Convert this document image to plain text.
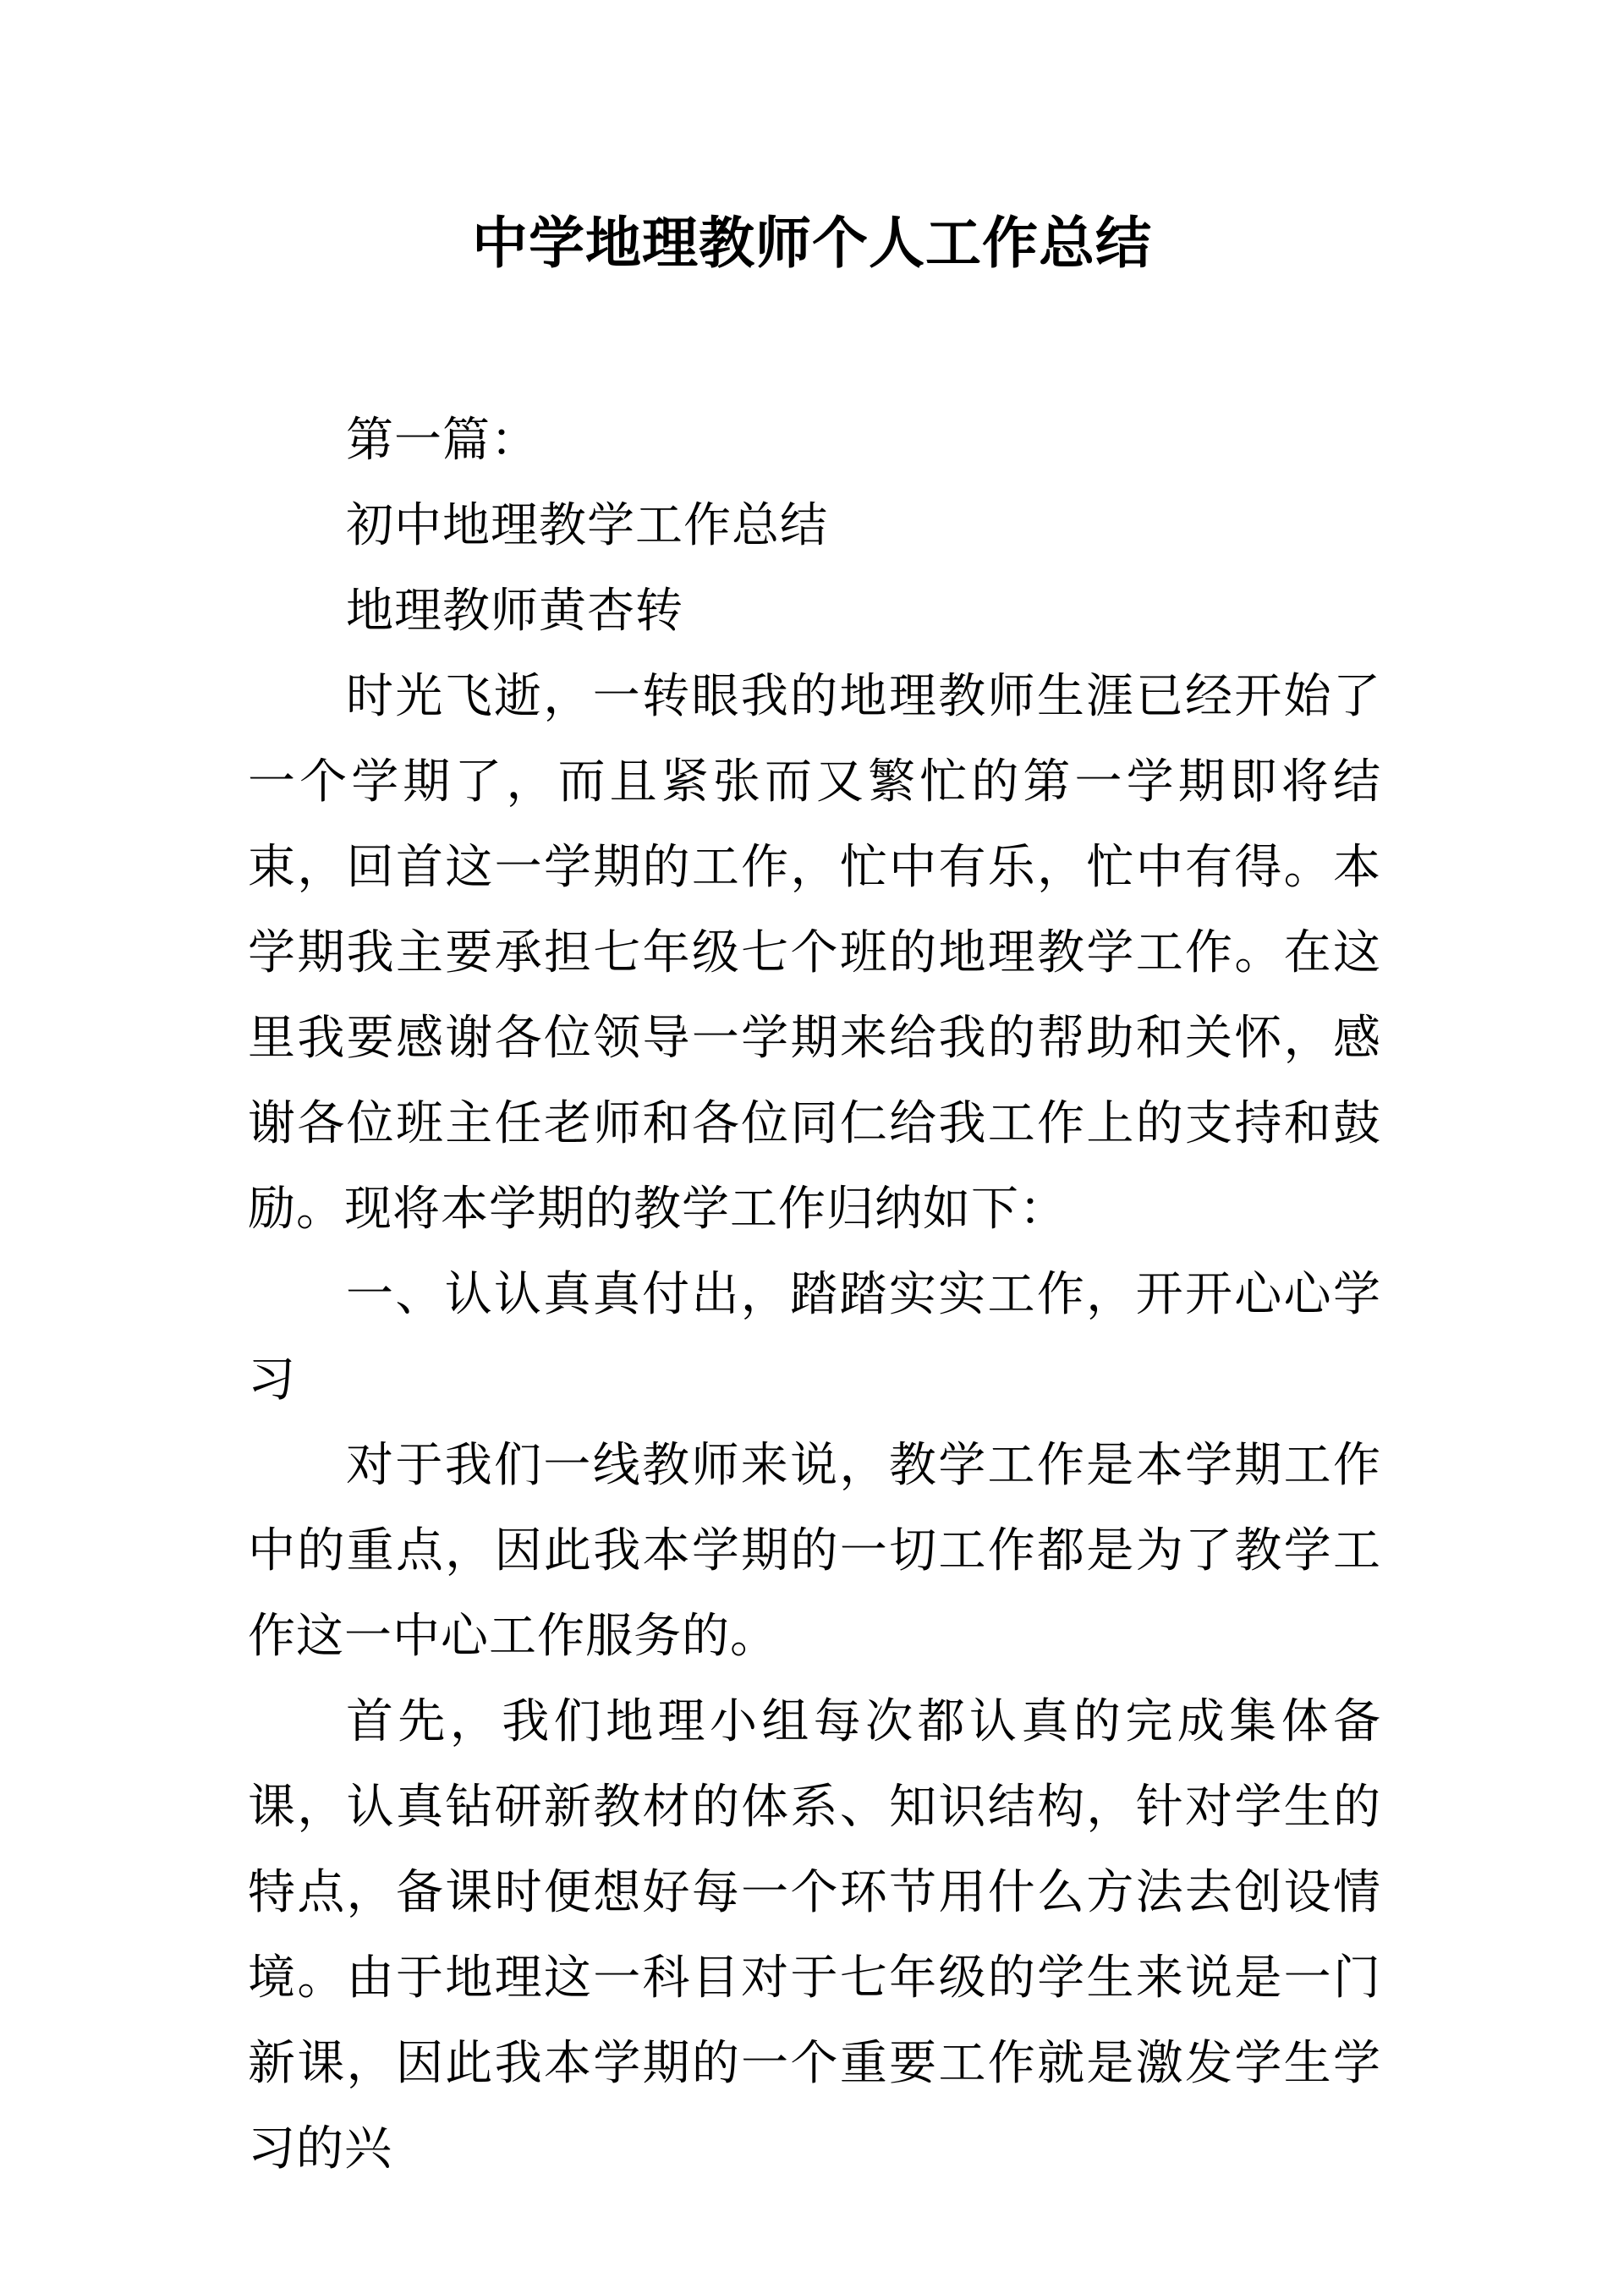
中学地理教师个人工作总结

第一篇：

初中地理教学工作总结

地理教师黄杏转

时光飞逝，一转眼我的地理教师生涯已经开始了一个学期了，而且紧张而又繁忙的第一学期即将结束，回首这一学期的工作，忙中有乐，忙中有得。本学期我主要承担七年级七个班的地理教学工作。在这里我要感谢各位领导一学期来给我的帮助和关怀，感谢各位班主任老师和各位同仁给我工作上的支持和鼓励。现将本学期的教学工作归纳如下：

一、认认真真付出，踏踏实实工作，开开心心学习

对于我们一线教师来说，教学工作是本学期工作中的重点，因此我本学期的一切工作都是为了教学工作这一中心工作服务的。

首先，我们地理小组每次都认真的完成集体备课，认真钻研新教材的体系、知识结构，针对学生的特点，备课时便想好每一个环节用什么方法去创设情境。由于地理这一科目对于七年级的学生来说是一门新课，因此我本学期的一个重要工作就是激发学生学习的兴
